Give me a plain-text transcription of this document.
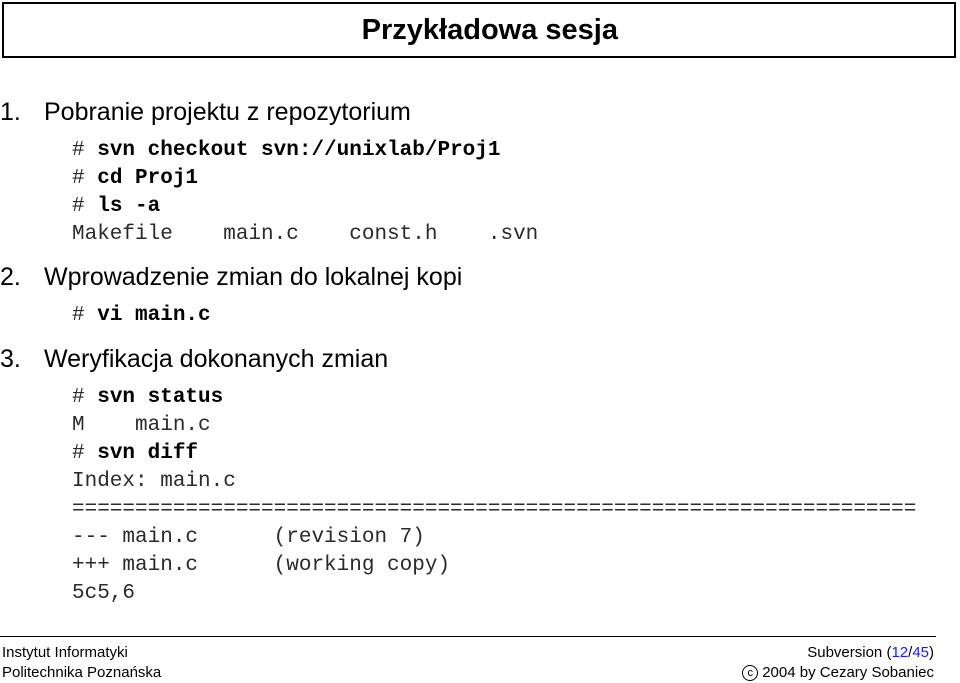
Przykładowa sesja
1. Pobranie projektu z repozytorium
# svn checkout svn://unixlab/Proj1
# cd Proj1
# ls -a
Makefile    main.c    const.h    .svn
2. Wprowadzenie zmian do lokalnej kopi
# vi main.c
3. Weryfikacja dokonanych zmian
# svn status
M    main.c
# svn diff
Index: main.c
===================================================================
--- main.c      (revision 7)
+++ main.c      (working copy)
5c5,6
Instytut Informatyki
Politechnika Poznańska
Subversion (12/45)
c 2004 by Cezary Sobaniec
